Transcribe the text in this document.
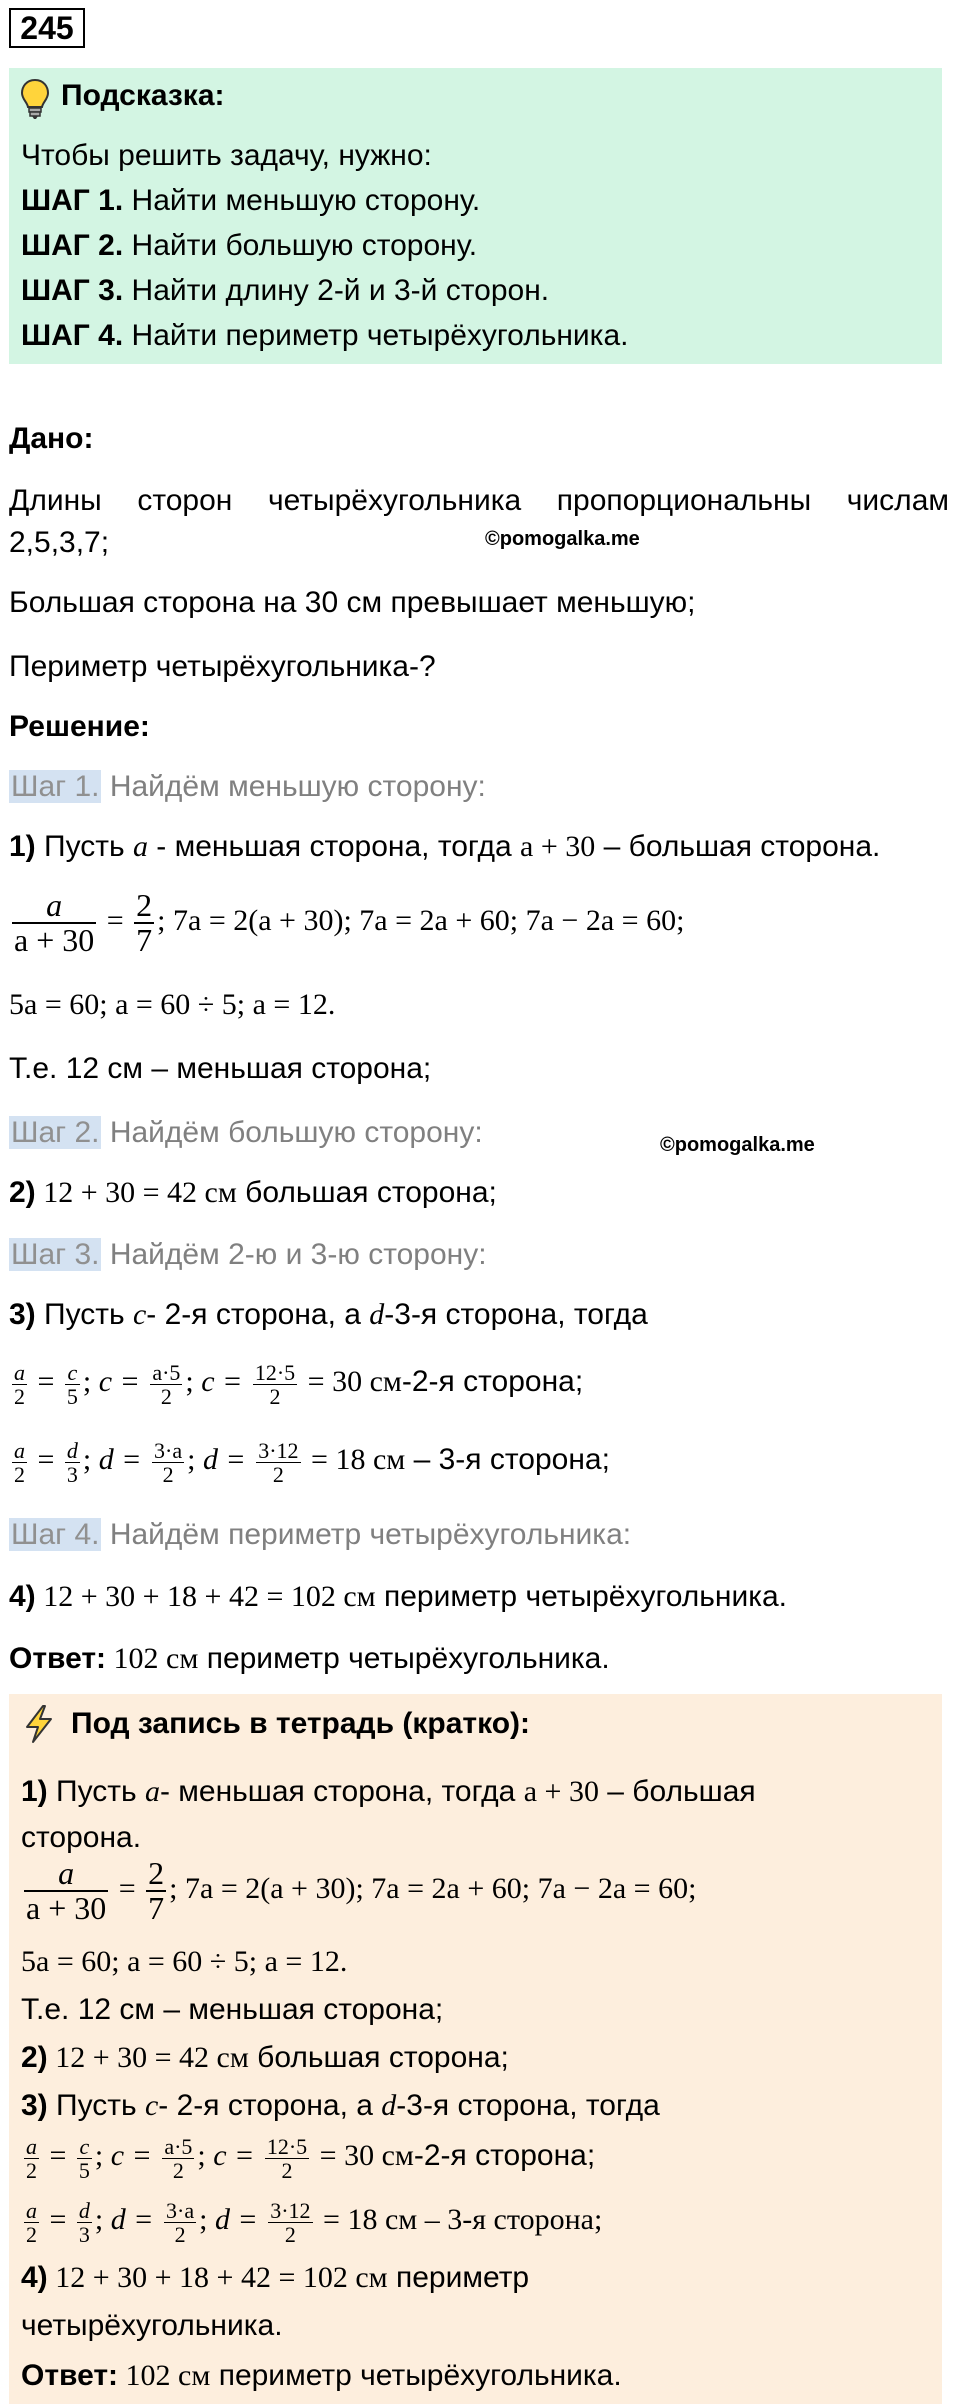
245
Подсказка:
Чтобы решить задачу, нужно:
ШАГ 1. Найти меньшую сторону.
ШАГ 2. Найти большую сторону.
ШАГ 3. Найти длину 2-й и 3-й сторон.
ШАГ 4. Найти периметр четырёхугольника.
Дано:
Длины сторон четырёхугольника пропорциональны числам
2,5,3,7;	©pomogalka.me
Большая сторона на 30 см превышает меньшую;
Периметр четырёхугольника-?
Решение:
Шаг 1. Найдём меньшую сторону:
1) Пусть a - меньшая сторона, тогда a + 30 – большая сторона.
$\frac{a}{a + 30} = \frac{2}{7}$ ; 7a = 2(a + 30); 7a = 2a + 60; 7a − 2a = 60;
5a = 60; a = 60 ÷ 5; a = 12.
Т.е. 12 см – меньшая сторона;
Шаг 2. Найдём большую сторону:	©pomogalka.me
2) 12 + 30 = 42 см большая сторона;
Шаг 3. Найдём 2-ю и 3-ю сторону:
3) Пусть c- 2-я сторона, а d-3-я сторона, тогда
$\frac{a}{2} = \frac{c}{5}$ ; $c = \frac{a\cdot 5}{2}$ ; $c = \frac{12\cdot 5}{2} = 30$ см-2-я сторона;
$\frac{a}{2} = \frac{d}{3}$ ; $d = \frac{3\cdot a}{2}$ ; $d = \frac{3\cdot 12}{2} = 18$ см – 3-я сторона;
Шаг 4. Найдём периметр четырёхугольника:
4) 12 + 30 + 18 + 42 = 102 см периметр четырёхугольника.
Ответ: 102 см периметр четырёхугольника.
Под запись в тетрадь (кратко):
1) Пусть a- меньшая сторона, тогда a + 30 – большая
сторона.
$\frac{a}{a + 30} = \frac{2}{7}$ ; 7a = 2(a + 30); 7a = 2a + 60; 7a − 2a = 60;
5a = 60; a = 60 ÷ 5; a = 12.
Т.е. 12 см – меньшая сторона;
2) 12 + 30 = 42 см большая сторона;
3) Пусть c- 2-я сторона, а d-3-я сторона, тогда
$\frac{a}{2} = \frac{c}{5}$ ; $c = \frac{a\cdot 5}{2}$ ; $c = \frac{12\cdot 5}{2} = 30$ см-2-я сторона;
$\frac{a}{2} = \frac{d}{3}$ ; $d = \frac{3\cdot a}{2}$ ; $d = \frac{3\cdot 12}{2} = 18$ см – 3-я сторона;
4) 12 + 30 + 18 + 42 = 102 см периметр
четырёхугольника.
Ответ: 102 см периметр четырёхугольника.
